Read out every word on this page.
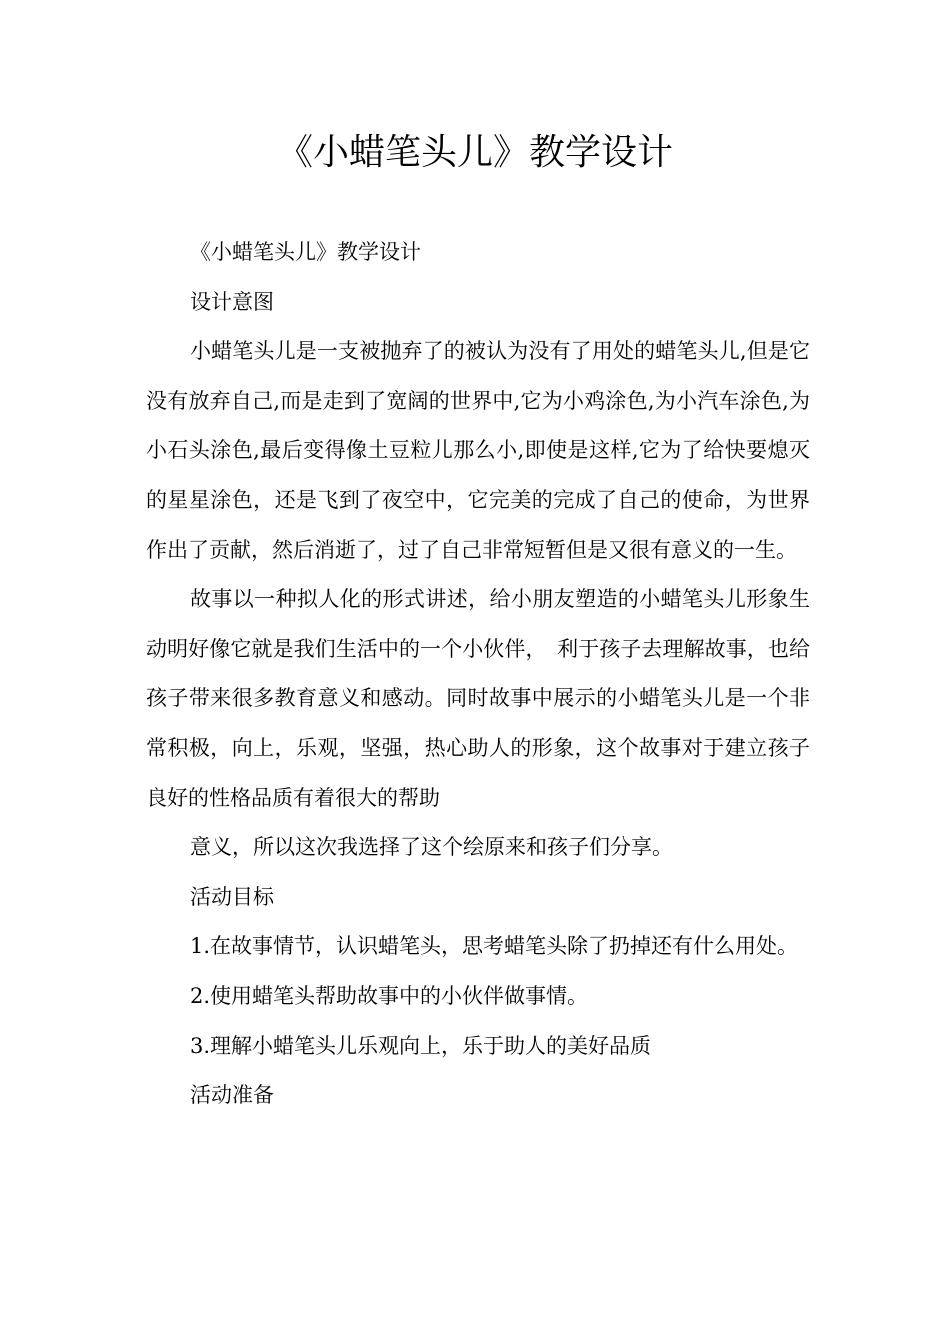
《小蜡笔头儿》教学设计

《小蜡笔头儿》教学设计

设计意图

小蜡笔头儿是一支被抛弃了的被认为没有了用处的蜡笔头儿,但是它没有放弃自己,而是走到了宽阔的世界中,它为小鸡涂色,为小汽车涂色,为小石头涂色,最后变得像土豆粒儿那么小,即使是这样,它为了给快要熄灭的星星涂色，还是飞到了夜空中，它完美的完成了自己的使命，为世界作出了贡献，然后消逝了，过了自己非常短暂但是又很有意义的一生。

故事以一种拟人化的形式讲述，给小朋友塑造的小蜡笔头儿形象生动明好像它就是我们生活中的一个小伙伴，　利于孩子去理解故事，也给孩子带来很多教育意义和感动。同时故事中展示的小蜡笔头儿是一个非常积极，向上，乐观，坚强，热心助人的形象，这个故事对于建立孩子良好的性格品质有着很大的帮助

意义，所以这次我选择了这个绘原来和孩子们分享。

活动目标

1.在故事情节，认识蜡笔头，思考蜡笔头除了扔掉还有什么用处。

2.使用蜡笔头帮助故事中的小伙伴做事情。

3.理解小蜡笔头儿乐观向上，乐于助人的美好品质

活动准备
